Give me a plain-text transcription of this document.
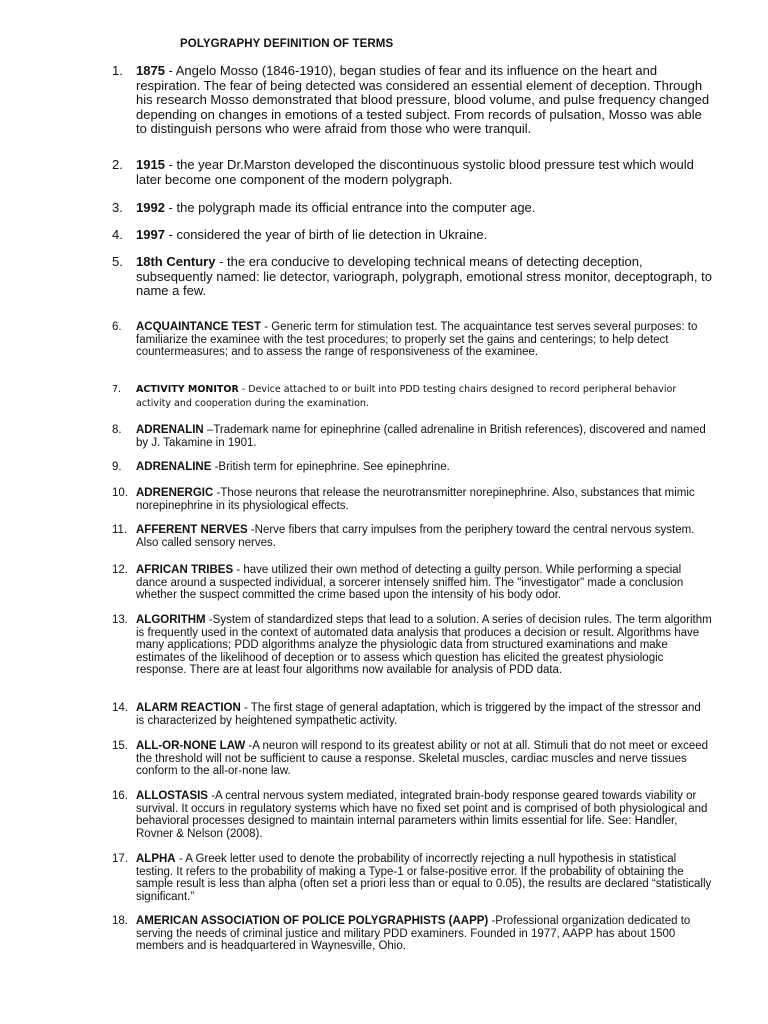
POLYGRAPHY DEFINITION OF TERMS
1.	1875 - Angelo Mosso (1846-1910), began studies of fear and its influence on the heart and respiration. The fear of being detected was considered an essential element of deception. Through his research Mosso demonstrated that blood pressure, blood volume, and pulse frequency changed depending on changes in emotions of a tested subject. From records of pulsation, Mosso was able to distinguish persons who were afraid from those who were tranquil.
2.	1915 - the year Dr.Marston developed the discontinuous systolic blood pressure test which would later become one component of the modern polygraph.
3.	1992 - the polygraph made its official entrance into the computer age.
4.	1997 - considered the year of birth of lie detection in Ukraine.
5.	18th Century - the era conducive to developing technical means of detecting deception, subsequently named: lie detector, variograph, polygraph, emotional stress monitor, deceptograph, to name a few.
6.	ACQUAINTANCE TEST - Generic term for stimulation test. The acquaintance test serves several purposes: to familiarize the examinee with the test procedures; to properly set the gains and centerings; to help detect countermeasures; and to assess the range of responsiveness of the examinee.
7.	ACTIVITY MONITOR - Device attached to or built into PDD testing chairs designed to record peripheral behavior activity and cooperation during the examination.
8.	ADRENALIN –Trademark name for epinephrine (called adrenaline in British references), discovered and named by J. Takamine in 1901.
9.	ADRENALINE -British term for epinephrine. See epinephrine.
10. ADRENERGIC -Those neurons that release the neurotransmitter norepinephrine. Also, substances that mimic norepinephrine in its physiological effects.
11. AFFERENT NERVES -Nerve fibers that carry impulses from the periphery toward the central nervous system. Also called sensory nerves.
12. AFRICAN TRIBES - have utilized their own method of detecting a guilty person. While performing a special dance around a suspected individual, a sorcerer intensely sniffed him. The "investigator" made a conclusion whether the suspect committed the crime based upon the intensity of his body odor.
13. ALGORITHM -System of standardized steps that lead to a solution. A series of decision rules. The term algorithm is frequently used in the context of automated data analysis that produces a decision or result. Algorithms have many applications; PDD algorithms analyze the physiologic data from structured examinations and make estimates of the likelihood of deception or to assess which question has elicited the greatest physiologic response. There are at least four algorithms now available for analysis of PDD data.
14. ALARM REACTION - The first stage of general adaptation, which is triggered by the impact of the stressor and is characterized by heightened sympathetic activity.
15. ALL-OR-NONE LAW -A neuron will respond to its greatest ability or not at all. Stimuli that do not meet or exceed the threshold will not be sufficient to cause a response. Skeletal muscles, cardiac muscles and nerve tissues conform to the all-or-none law.
16. ALLOSTASIS -A central nervous system mediated, integrated brain-body response geared towards viability or survival. It occurs in regulatory systems which have no fixed set point and is comprised of both physiological and behavioral processes designed to maintain internal parameters within limits essential for life. See: Handler, Rovner & Nelson (2008).
17. ALPHA - A Greek letter used to denote the probability of incorrectly rejecting a null hypothesis in statistical testing. It refers to the probability of making a Type-1 or false-positive error. If the probability of obtaining the sample result is less than alpha (often set a priori less than or equal to 0.05), the results are declared “statistically significant.”
18. AMERICAN ASSOCIATION OF POLICE POLYGRAPHISTS (AAPP) -Professional organization dedicated to serving the needs of criminal justice and military PDD examiners. Founded in 1977, AAPP has about 1500 members and is headquartered in Waynesville, Ohio.
